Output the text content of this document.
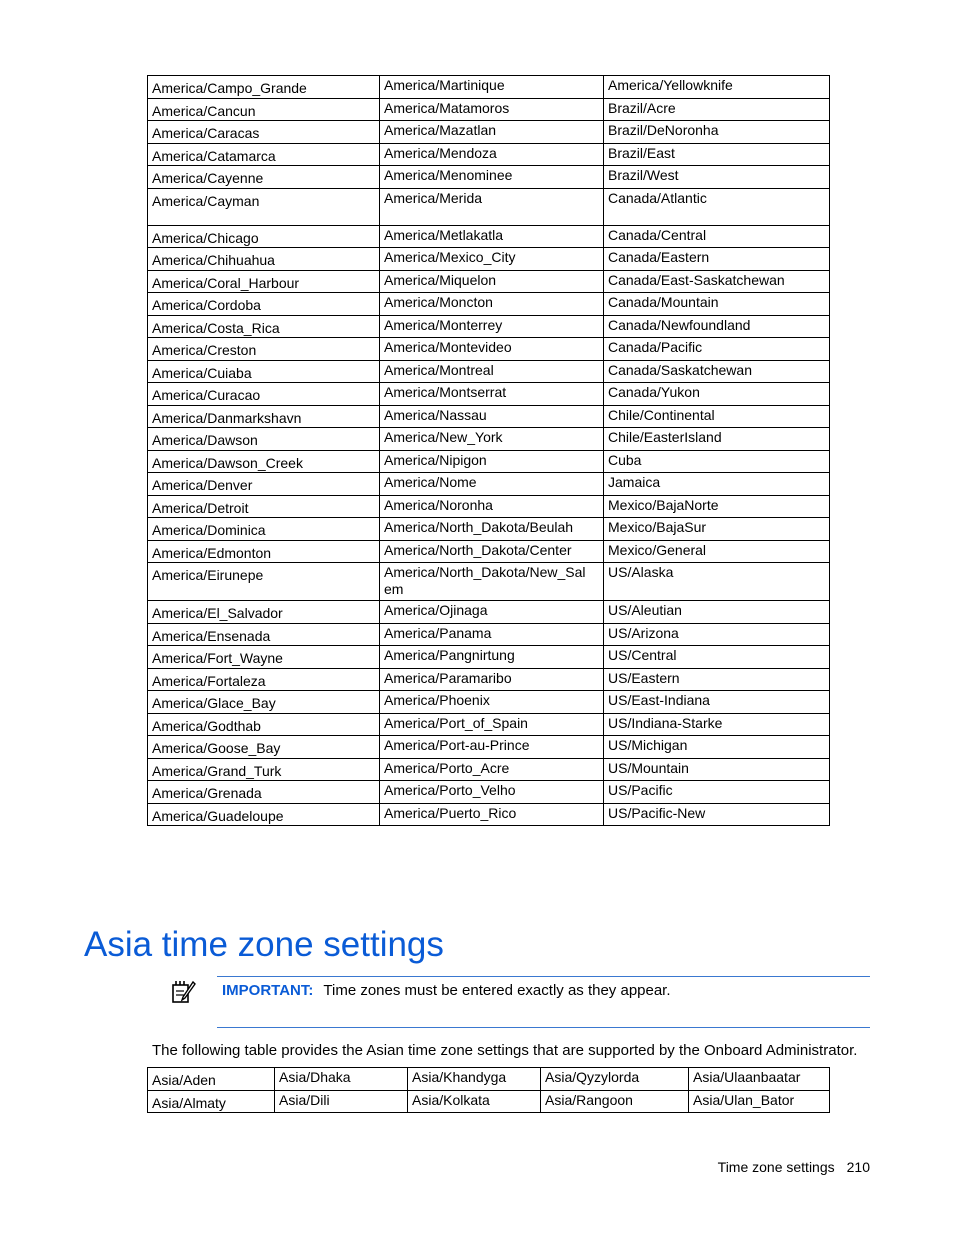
America/Campo_Grande	America/Martinique	America/Yellowknife
America/Cancun	America/Matamoros	Brazil/Acre
America/Caracas	America/Mazatlan	Brazil/DeNoronha
America/Catamarca	America/Mendoza	Brazil/East
America/Cayenne	America/Menominee	Brazil/West
America/Cayman	America/Merida	Canada/Atlantic
America/Chicago	America/Metlakatla	Canada/Central
America/Chihuahua	America/Mexico_City	Canada/Eastern
America/Coral_Harbour	America/Miquelon	Canada/East-Saskatchewan
America/Cordoba	America/Moncton	Canada/Mountain
America/Costa_Rica	America/Monterrey	Canada/Newfoundland
America/Creston	America/Montevideo	Canada/Pacific
America/Cuiaba	America/Montreal	Canada/Saskatchewan
America/Curacao	America/Montserrat	Canada/Yukon
America/Danmarkshavn	America/Nassau	Chile/Continental
America/Dawson	America/New_York	Chile/EasterIsland
America/Dawson_Creek	America/Nipigon	Cuba
America/Denver	America/Nome	Jamaica
America/Detroit	America/Noronha	Mexico/BajaNorte
America/Dominica	America/North_Dakota/Beulah	Mexico/BajaSur
America/Edmonton	America/North_Dakota/Center	Mexico/General
America/Eirunepe	America/North_Dakota/New_Sal em	US/Alaska
America/El_Salvador	America/Ojinaga	US/Aleutian
America/Ensenada	America/Panama	US/Arizona
America/Fort_Wayne	America/Pangnirtung	US/Central
America/Fortaleza	America/Paramaribo	US/Eastern
America/Glace_Bay	America/Phoenix	US/East-Indiana
America/Godthab	America/Port_of_Spain	US/Indiana-Starke
America/Goose_Bay	America/Port-au-Prince	US/Michigan
America/Grand_Turk	America/Porto_Acre	US/Mountain
America/Grenada	America/Porto_Velho	US/Pacific
America/Guadeloupe	America/Puerto_Rico	US/Pacific-New
Asia time zone settings
IMPORTANT: Time zones must be entered exactly as they appear.
The following table provides the Asian time zone settings that are supported by the Onboard Administrator.
Asia/Aden	Asia/Dhaka	Asia/Khandyga	Asia/Qyzylorda	Asia/Ulaanbaatar
Asia/Almaty	Asia/Dili	Asia/Kolkata	Asia/Rangoon	Asia/Ulan_Bator
Time zone settings 210
